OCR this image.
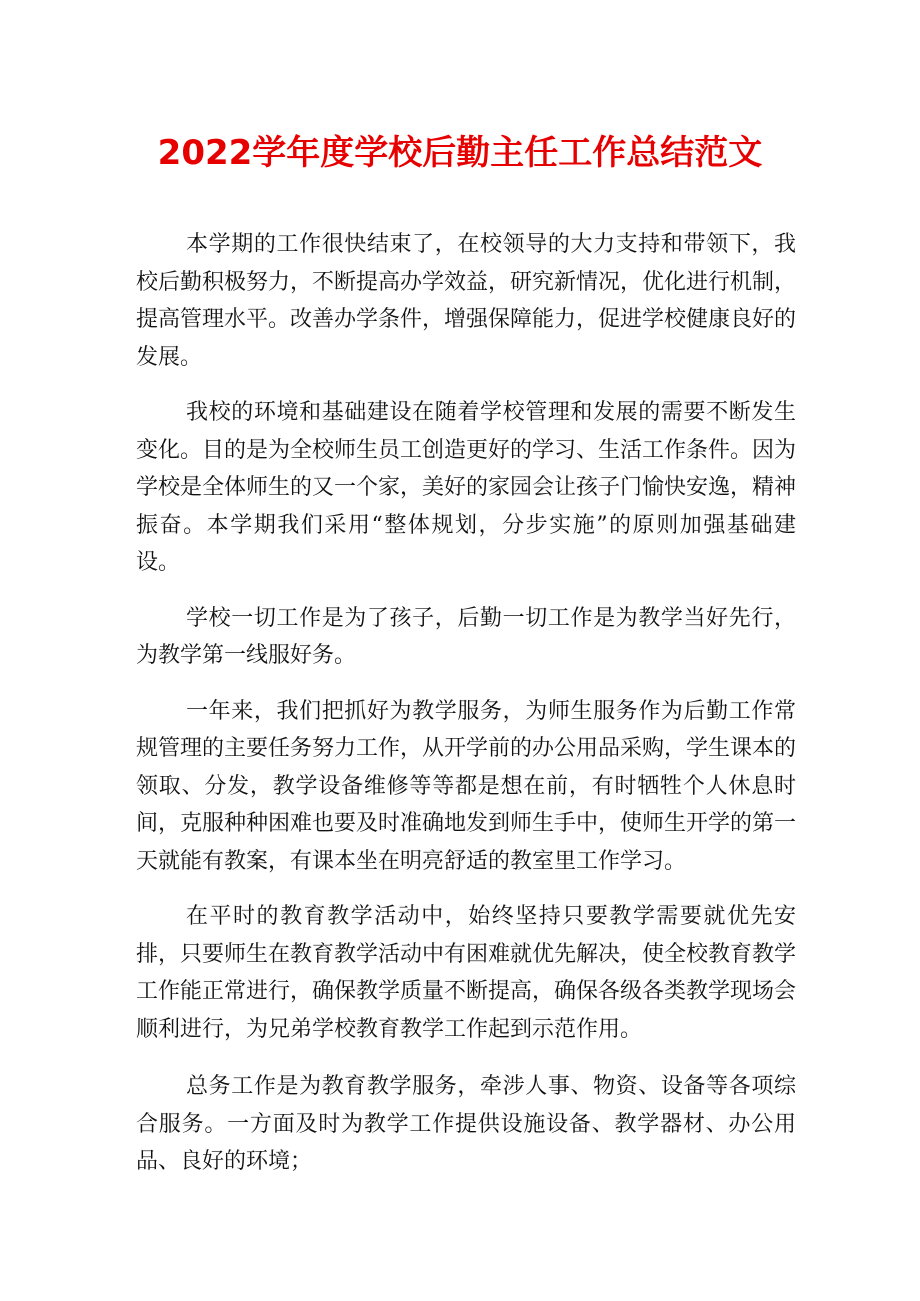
2022学年度学校后勤主任工作总结范文

本学期的工作很快结束了，在校领导的大力支持和带领下，我校后勤积极努力，不断提高办学效益，研究新情况，优化进行机制，提高管理水平。改善办学条件，增强保障能力，促进学校健康良好的发展。

我校的环境和基础建设在随着学校管理和发展的需要不断发生变化。目的是为全校师生员工创造更好的学习、生活工作条件。因为学校是全体师生的又一个家，美好的家园会让孩子门愉快安逸，精神振奋。本学期我们采用“整体规划，分步实施”的原则加强基础建设。

学校一切工作是为了孩子，后勤一切工作是为教学当好先行，为教学第一线服好务。

一年来，我们把抓好为教学服务，为师生服务作为后勤工作常规管理的主要任务努力工作，从开学前的办公用品采购，学生课本的领取、分发，教学设备维修等等都是想在前，有时牺牲个人休息时间，克服种种困难也要及时准确地发到师生手中，使师生开学的第一天就能有教案，有课本坐在明亮舒适的教室里工作学习。

在平时的教育教学活动中，始终坚持只要教学需要就优先安排，只要师生在教育教学活动中有困难就优先解决，使全校教育教学工作能正常进行，确保教学质量不断提高，确保各级各类教学现场会顺利进行，为兄弟学校教育教学工作起到示范作用。

总务工作是为教育教学服务，牵涉人事、物资、设备等各项综合服务。一方面及时为教学工作提供设施设备、教学器材、办公用品、良好的环境；
